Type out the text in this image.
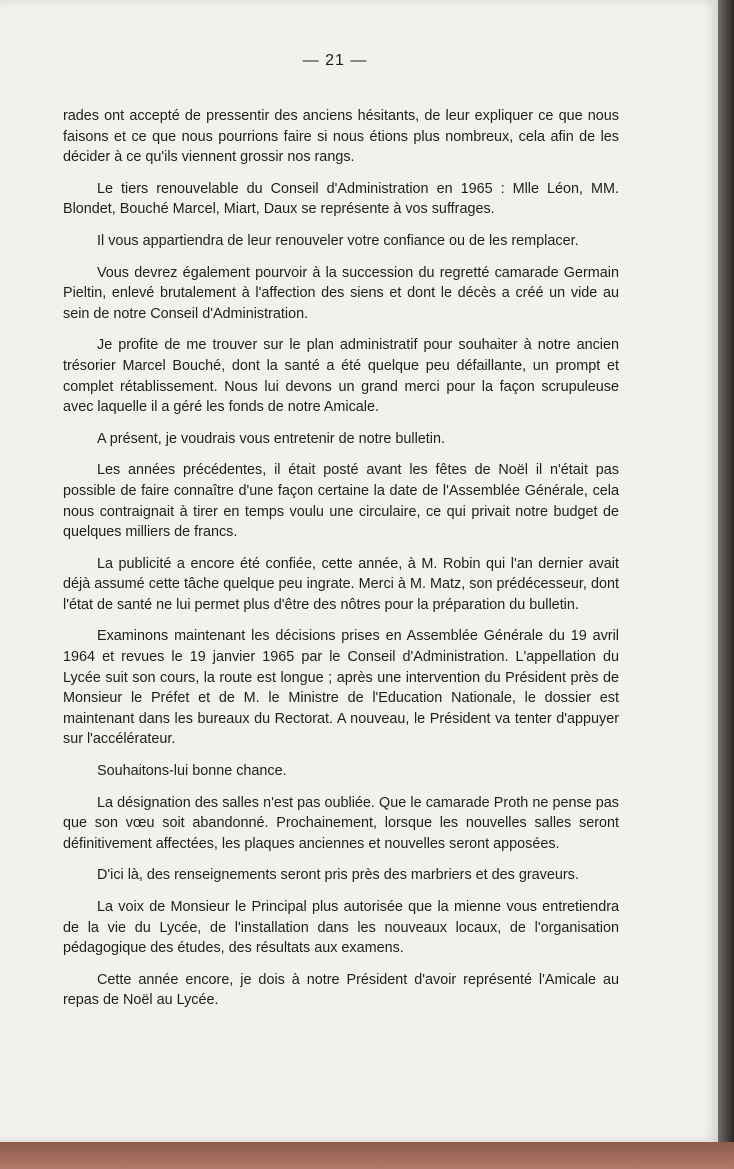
— 21 —

rades ont accepté de pressentir des anciens hésitants, de leur expliquer ce que nous faisons et ce que nous pourrions faire si nous étions plus nombreux, cela afin de les décider à ce qu'ils viennent grossir nos rangs.

Le tiers renouvelable du Conseil d'Administration en 1965 : Mlle Léon, MM. Blondet, Bouché Marcel, Miart, Daux se représente à vos suffrages.

Il vous appartiendra de leur renouveler votre confiance ou de les remplacer.

Vous devrez également pourvoir à la succession du regretté camarade Germain Pieltin, enlevé brutalement à l'affection des siens et dont le décès a créé un vide au sein de notre Conseil d'Administration.

Je profite de me trouver sur le plan administratif pour souhaiter à notre ancien trésorier Marcel Bouché, dont la santé a été quelque peu défaillante, un prompt et complet rétablissement. Nous lui devons un grand merci pour la façon scrupuleuse avec laquelle il a géré les fonds de notre Amicale.

A présent, je voudrais vous entretenir de notre bulletin.

Les années précédentes, il était posté avant les fêtes de Noël il n'était pas possible de faire connaître d'une façon certaine la date de l'Assemblée Générale, cela nous contraignait à tirer en temps voulu une circulaire, ce qui privait notre budget de quelques milliers de francs.

La publicité a encore été confiée, cette année, à M. Robin qui l'an dernier avait déjà assumé cette tâche quelque peu ingrate. Merci à M. Matz, son prédécesseur, dont l'état de santé ne lui permet plus d'être des nôtres pour la préparation du bulletin.

Examinons maintenant les décisions prises en Assemblée Générale du 19 avril 1964 et revues le 19 janvier 1965 par le Conseil d'Administration. L'appellation du Lycée suit son cours, la route est longue ; après une intervention du Président près de Monsieur le Préfet et de M. le Ministre de l'Education Nationale, le dossier est maintenant dans les bureaux du Rectorat. A nouveau, le Président va tenter d'appuyer sur l'accélérateur.

Souhaitons-lui bonne chance.

La désignation des salles n'est pas oubliée. Que le camarade Proth ne pense pas que son vœu soit abandonné. Prochainement, lorsque les nouvelles salles seront définitivement affectées, les plaques anciennes et nouvelles seront apposées.

D'ici là, des renseignements seront pris près des marbriers et des graveurs.

La voix de Monsieur le Principal plus autorisée que la mienne vous entretiendra de la vie du Lycée, de l'installation dans les nouveaux locaux, de l'organisation pédagogique des études, des résultats aux examens.

Cette année encore, je dois à notre Président d'avoir représenté l'Amicale au repas de Noël au Lycée.
